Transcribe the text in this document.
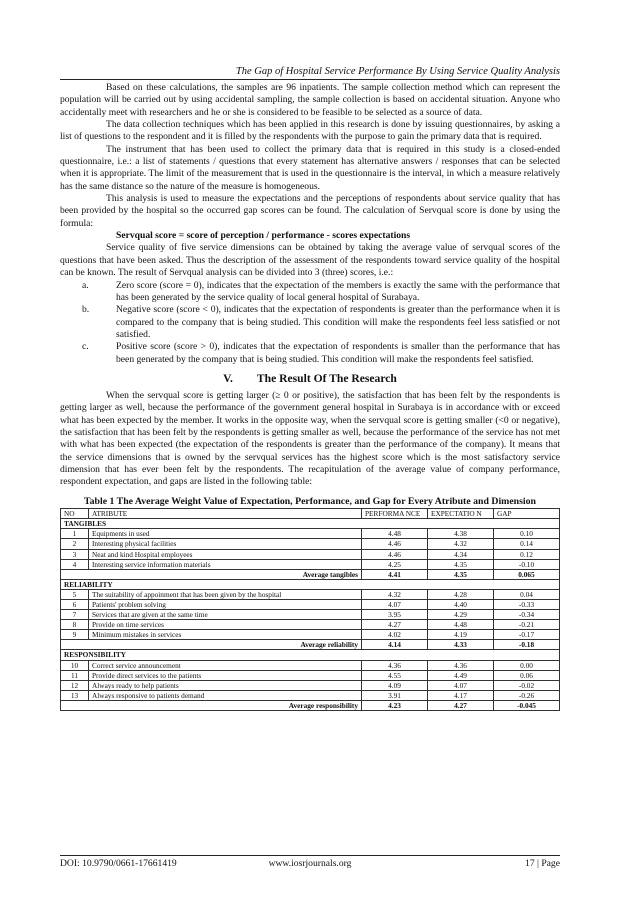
The Gap of Hospital Service Performance By Using Service Quality Analysis

Based on these calculations, the samples are 96 inpatients. The sample collection method which can represent the population will be carried out by using accidental sampling, the sample collection is based on accidental situation. Anyone who accidentally meet with researchers and he or she is considered to be feasible to be selected as a source of data.

The data collection techniques which has been applied in this research is done by issuing questionnaires, by asking a list of questions to the respondent and it is filled by the respondents with the purpose to gain the primary data that is required.

The instrument that has been used to collect the primary data that is required in this study is a closed-ended questionnaire, i.e.: a list of statements / questions that every statement has alternative answers / responses that can be selected when it is appropriate. The limit of the measurement that is used in the questionnaire is the interval, in which a measure relatively has the same distance so the nature of the measure is homogeneous.

This analysis is used to measure the expectations and the perceptions of respondents about service quality that has been provided by the hospital so the occurred gap scores can be found. The calculation of Servqual score is done by using the formula:

Servqual score = score of perception / performance - scores expectations

Service quality of five service dimensions can be obtained by taking the average value of servqual scores of the questions that have been asked. Thus the description of the assessment of the respondents toward service quality of the hospital can be known. The result of Servqual analysis can be divided into 3 (three) scores, i.e.:

a.	Zero score (score = 0), indicates that the expectation of the members is exactly the same with the performance that has been generated by the service quality of local general hospital of Surabaya.
b.	Negative score (score < 0), indicates that the expectation of respondents is greater than the performance when it is compared to the company that is being studied. This condition will make the respondents feel less satisfied or not satisfied.
c.	Positive score (score > 0), indicates that the expectation of respondents is smaller than the performance that has been generated by the company that is being studied. This condition will make the respondents feel satisfied.
V. The Result Of The Research

When the servqual score is getting larger (≥ 0 or positive), the satisfaction that has been felt by the respondents is getting larger as well, because the performance of the government general hospital in Surabaya is in accordance with or exceed what has been expected by the member. It works in the opposite way, when the servqual score is getting smaller (<0 or negative), the satisfaction that has been felt by the respondents is getting smaller as well, because the performance of the service has not met with what has been expected (the expectation of the respondents is greater than the performance of the company). It means that the service dimensions that is owned by the servqual services has the highest score which is the most satisfactory service dimension that has ever been felt by the respondents. The recapitulation of the average value of company performance, respondent expectation, and gaps are listed in the following table:

Table 1 The Average Weight Value of Expectation, Performance, and Gap for Every Atribute and Dimension
NO	ATRIBUTE	PERFORMA NCE	EXPECTATIO N	GAP
TANGIBLES				
1	Equipments in used	4.48	4.38	0.10
2	Interesting physical facilities	4.46	4.32	0.14
3	Neat and kind Hospital employees	4.46	4.34	0.12
4	Interesting service information materials	4.25	4.35	-0.10
Average tangibles		4.41	4.35	0.065
RELIABILITY				
5	The suitability of appoinment that has been given by the hospital	4.32	4.28	0.04
6	Patients' problem solving	4.07	4.40	-0.33
7	Services that are given at the same time	3.95	4.29	-0.34
8	Provide on time services	4.27	4.48	-0.21
9	Minimum mistakes in services	4.02	4.19	-0.17
Average reliability		4.14	4.33	-0.18
RESPONSIBILITY				
10	Correct service announcement	4.36	4.36	0.00
11	Provide direct services to the patients	4.55	4.49	0.06
12	Always ready to help patients	4.09	4.07	-0.02
13	Always responsive to patients demand	3.91	4.17	-0.26
Average responsibility		4.23	4.27	-0.045
DOI: 10.9790/0661-17661419	www.iosrjournals.org	17 | Page
